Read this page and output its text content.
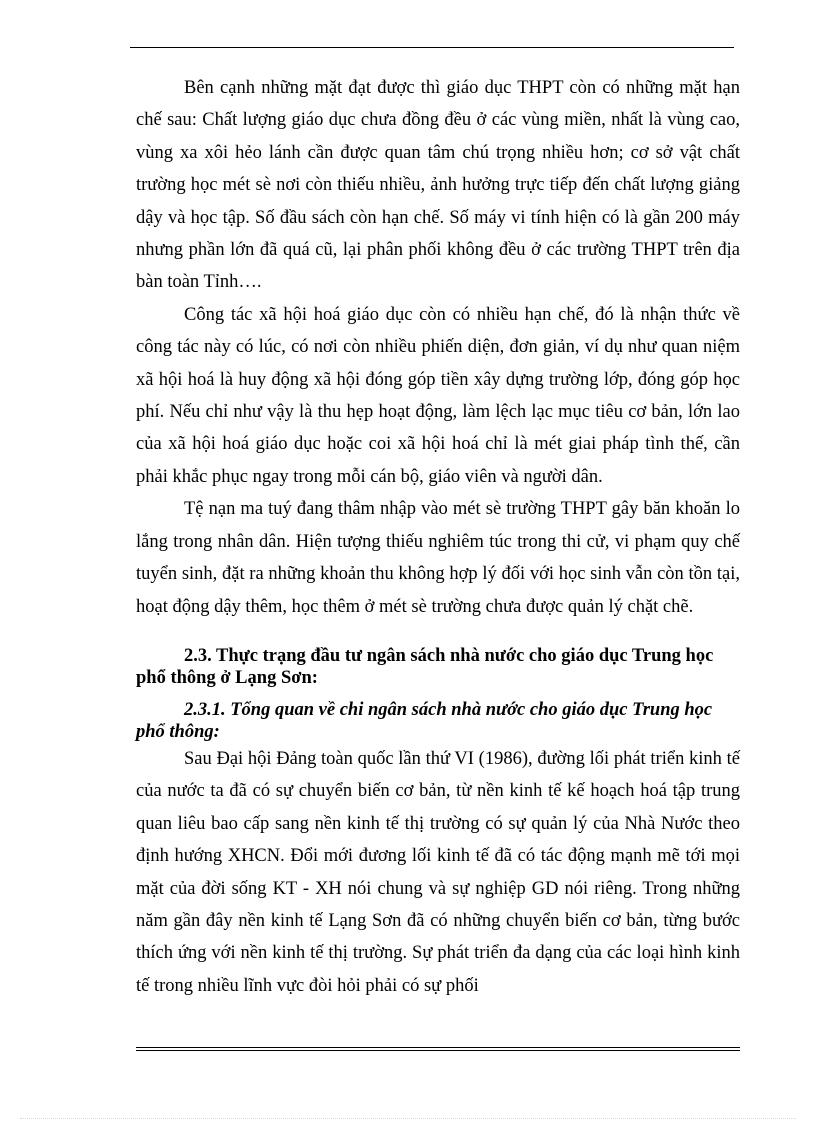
Bên cạnh những mặt đạt được thì giáo dục THPT còn có những mặt hạn chế sau: Chất lượng giáo dục chưa đồng đều ở các vùng miền, nhất là vùng cao, vùng xa xôi hẻo lánh cần được quan tâm chú trọng nhiều hơn; cơ sở vật chất trường học mét sè nơi còn thiếu nhiều, ảnh hưởng trực tiếp đến chất lượng giảng dậy và học tập. Số đầu sách còn hạn chế. Số máy vi tính hiện có là gần 200 máy nhưng phần lớn đã quá cũ, lại phân phối không đều ở các trường THPT trên địa bàn toàn Tỉnh….

Công tác xã hội hoá giáo dục còn có nhiều hạn chế, đó là nhận thức về công tác này có lúc, có nơi còn nhiều phiến diện, đơn giản, ví dụ như quan niệm xã hội hoá là huy động xã hội đóng góp tiền xây dựng trường lớp, đóng góp học phí. Nếu chỉ như vậy là thu hẹp hoạt động, làm lệch lạc mục tiêu cơ bản, lớn lao của xã hội hoá giáo dục hoặc coi xã hội hoá chỉ là mét giai pháp tình thế, cần phải khắc phục ngay trong mỗi cán bộ, giáo viên và người dân.

Tệ nạn ma tuý đang thâm nhập vào mét sè trường THPT gây băn khoăn lo lắng trong nhân dân. Hiện tượng thiếu nghiêm túc trong thi cử, vi phạm quy chế tuyển sinh, đặt ra những khoản thu không hợp lý đối với học sinh vẫn còn tồn tại, hoạt động dậy thêm, học thêm ở mét sè trường chưa được quản lý chặt chẽ.

2.3. Thực trạng đầu tư ngân sách nhà nước cho giáo dục Trung học phổ thông ở Lạng Sơn:

2.3.1. Tổng quan về chi ngân sách nhà nước cho giáo dục Trung học phổ thông:

Sau Đại hội Đảng toàn quốc lần thứ VI (1986), đường lối phát triển kinh tế của nước ta đã có sự chuyển biến cơ bản, từ nền kinh tế kế hoạch hoá tập trung quan liêu bao cấp sang nền kinh tế thị trường có sự quản lý của Nhà Nước theo định hướng XHCN. Đổi mới đương lối kinh tế đã có tác động mạnh mẽ tới mọi mặt của đời sống KT - XH nói chung và sự nghiệp GD nói riêng. Trong những năm gần đây nền kinh tế Lạng Sơn đã có những chuyển biến cơ bản, từng bước thích ứng với nền kinh tế thị trường. Sự phát triển đa dạng của các loại hình kinh tế trong nhiều lĩnh vực đòi hỏi phải có sự phối
